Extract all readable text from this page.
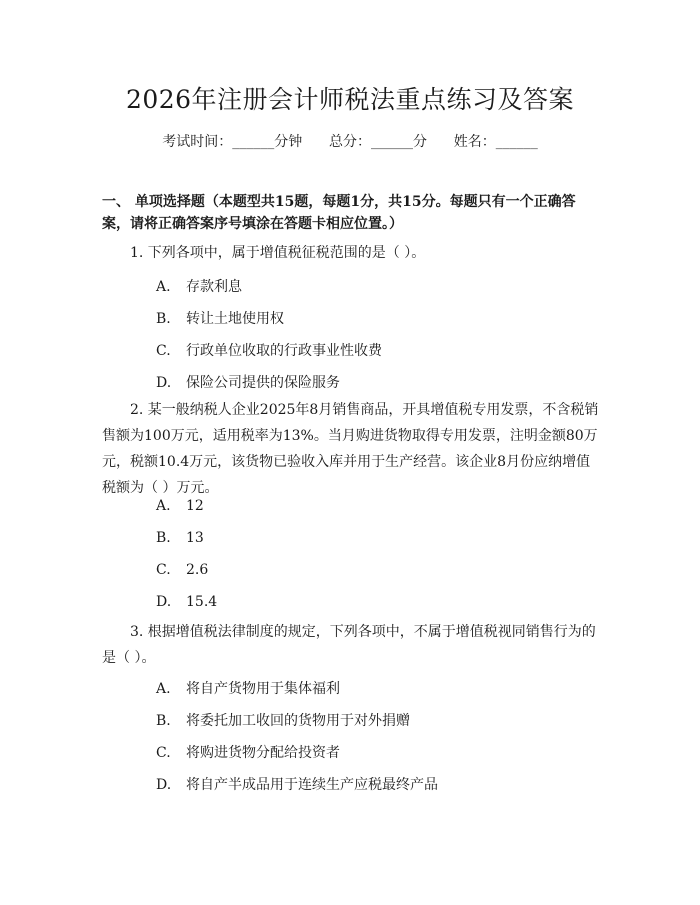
2026年注册会计师税法重点练习及答案
考试时间：______分钟      总分：______分      姓名：______
一、 单项选择题（本题型共15题，每题1分，共15分。每题只有一个正确答案，请将正确答案序号填涂在答题卡相应位置。）
1. 下列各项中，属于增值税征税范围的是（ ）。
A. 存款利息
B. 转让土地使用权
C. 行政单位收取的行政事业性收费
D. 保险公司提供的保险服务
2. 某一般纳税人企业2025年8月销售商品，开具增值税专用发票，不含税销售额为100万元，适用税率为13%。当月购进货物取得专用发票，注明金额80万元，税额10.4万元，该货物已验收入库并用于生产经营。该企业8月份应纳增值税额为（ ）万元。
A. 12
B. 13
C. 2.6
D. 15.4
3. 根据增值税法律制度的规定，下列各项中，不属于增值税视同销售行为的是（ ）。
A. 将自产货物用于集体福利
B. 将委托加工收回的货物用于对外捐赠
C. 将购进货物分配给投资者
D. 将自产半成品用于连续生产应税最终产品
